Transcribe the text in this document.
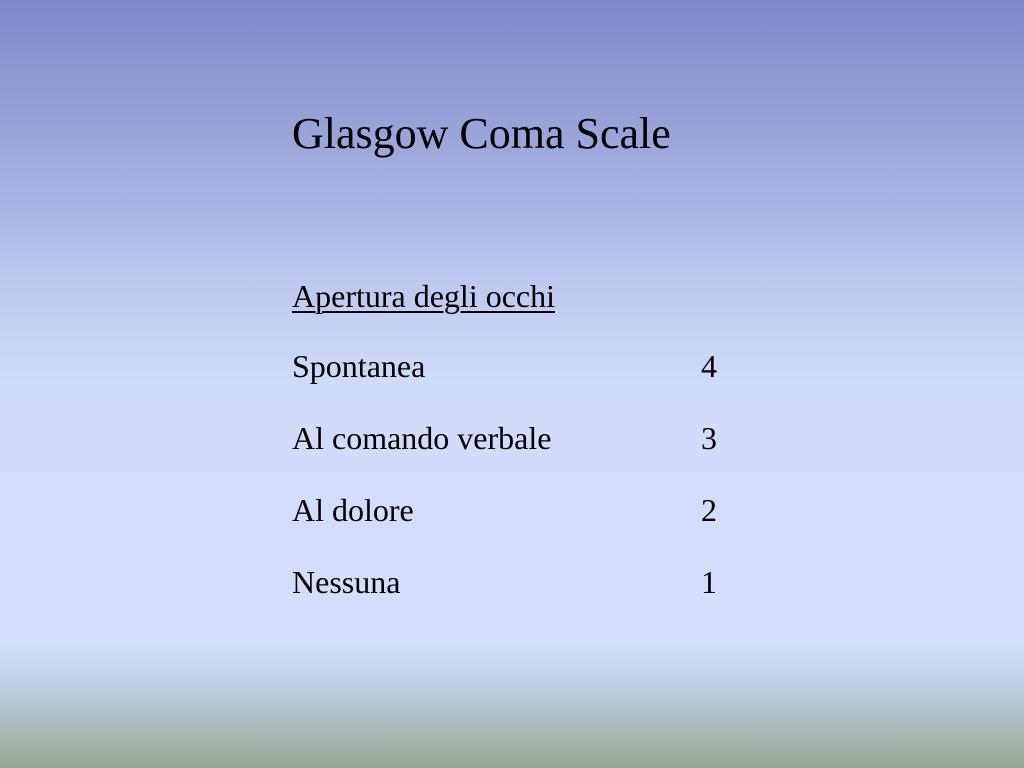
Glasgow Coma Scale
Apertura degli occhi
Spontanea	4
Al comando verbale	3
Al dolore	2
Nessuna	1
